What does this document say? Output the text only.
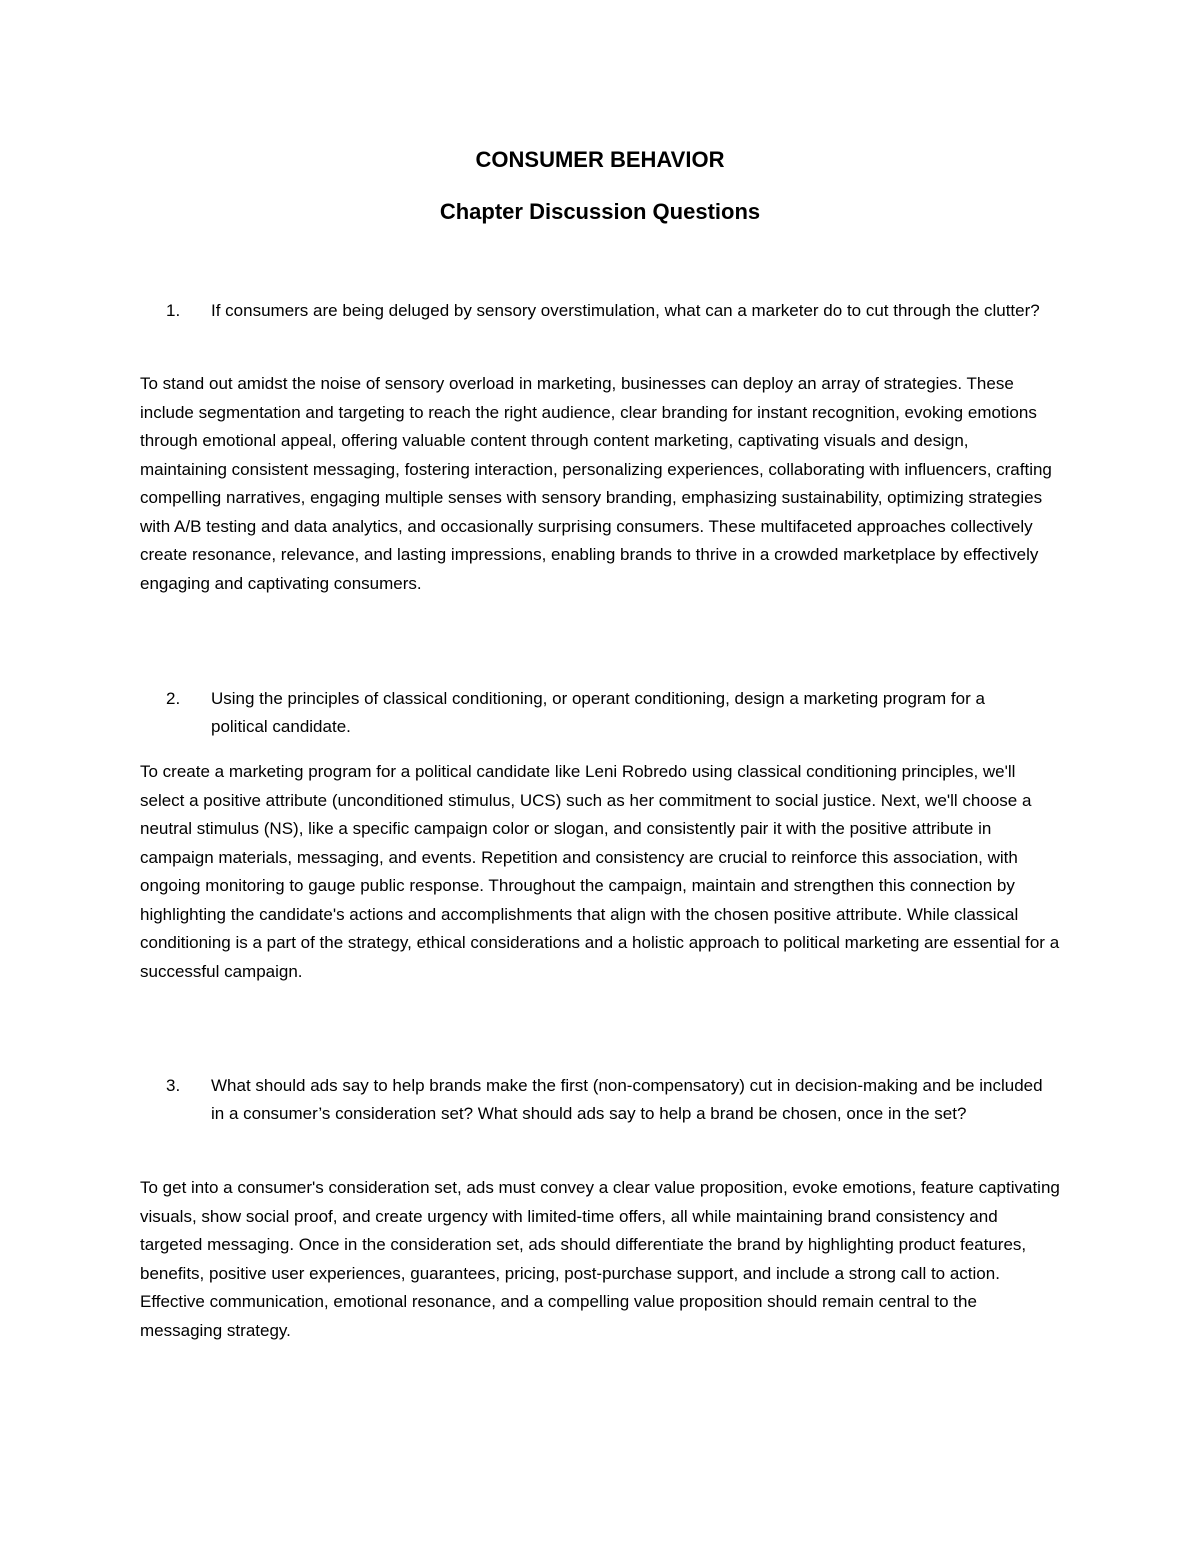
CONSUMER BEHAVIOR
Chapter Discussion Questions
1.	If consumers are being deluged by sensory overstimulation, what can a marketer do to cut through the clutter?

To stand out amidst the noise of sensory overload in marketing, businesses can deploy an array of strategies. These include segmentation and targeting to reach the right audience, clear branding for instant recognition, evoking emotions through emotional appeal, offering valuable content through content marketing, captivating visuals and design, maintaining consistent messaging, fostering interaction, personalizing experiences, collaborating with influencers, crafting compelling narratives, engaging multiple senses with sensory branding, emphasizing sustainability, optimizing strategies with A/B testing and data analytics, and occasionally surprising consumers. These multifaceted approaches collectively create resonance, relevance, and lasting impressions, enabling brands to thrive in a crowded marketplace by effectively engaging and captivating consumers.

2.	Using the principles of classical conditioning, or operant conditioning, design a marketing program for a political candidate.

To create a marketing program for a political candidate like Leni Robredo using classical conditioning principles, we'll select a positive attribute (unconditioned stimulus, UCS) such as her commitment to social justice. Next, we'll choose a neutral stimulus (NS), like a specific campaign color or slogan, and consistently pair it with the positive attribute in campaign materials, messaging, and events. Repetition and consistency are crucial to reinforce this association, with ongoing monitoring to gauge public response. Throughout the campaign, maintain and strengthen this connection by highlighting the candidate's actions and accomplishments that align with the chosen positive attribute. While classical conditioning is a part of the strategy, ethical considerations and a holistic approach to political marketing are essential for a successful campaign.

3.	What should ads say to help brands make the first (non-compensatory) cut in decision-making and be included in a consumer’s consideration set? What should ads say to help a brand be chosen, once in the set?

To get into a consumer's consideration set, ads must convey a clear value proposition, evoke emotions, feature captivating visuals, show social proof, and create urgency with limited-time offers, all while maintaining brand consistency and targeted messaging. Once in the consideration set, ads should differentiate the brand by highlighting product features, benefits, positive user experiences, guarantees, pricing, post-purchase support, and include a strong call to action. Effective communication, emotional resonance, and a compelling value proposition should remain central to the messaging strategy.
